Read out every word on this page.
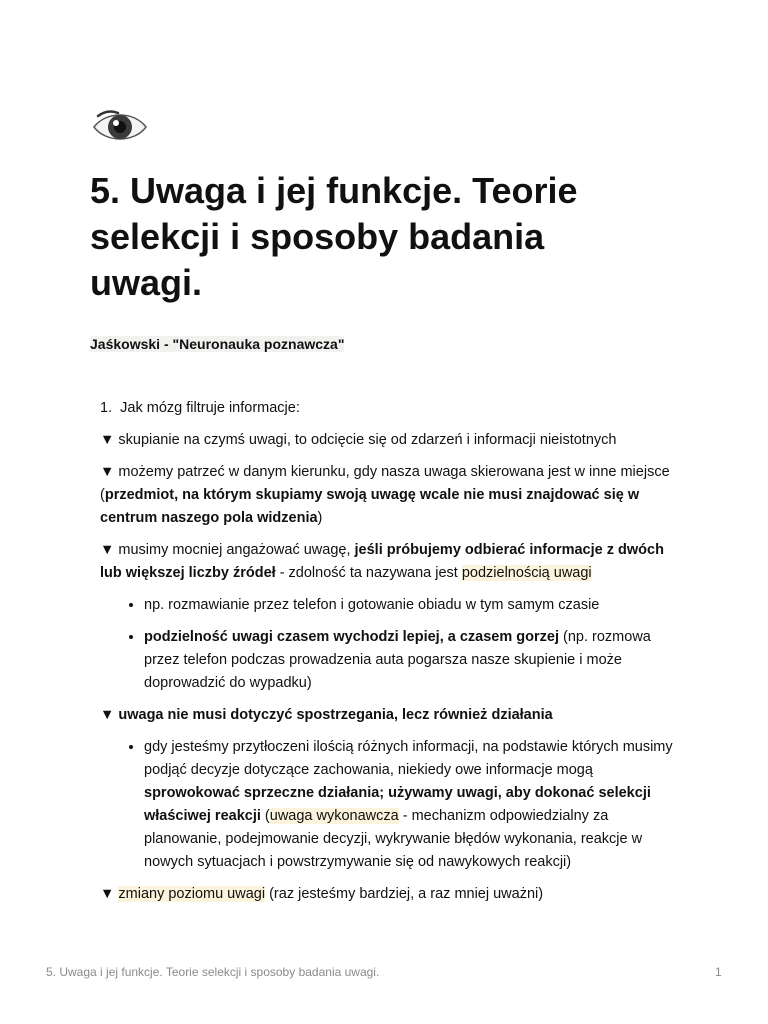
5. Uwaga i jej funkcje. Teorie selekcji i sposoby badania uwagi.

Jaśkowski - "Neuronauka poznawcza"

1. Jak mózg filtruje informacje:

▼ skupianie na czymś uwagi, to odcięcie się od zdarzeń i informacji nieistotnych

▼ możemy patrzeć w danym kierunku, gdy nasza uwaga skierowana jest w inne miejsce (przedmiot, na którym skupiamy swoją uwagę wcale nie musi znajdować się w centrum naszego pola widzenia)

▼ musimy mocniej angażować uwagę, jeśli próbujemy odbierać informacje z dwóch lub większej liczby źródeł - zdolność ta nazywana jest podzielnością uwagi

• np. rozmawianie przez telefon i gotowanie obiadu w tym samym czasie
• podzielność uwagi czasem wychodzi lepiej, a czasem gorzej (np. rozmowa przez telefon podczas prowadzenia auta pogarsza nasze skupienie i może doprowadzić do wypadku)

▼ uwaga nie musi dotyczyć spostrzegania, lecz również działania

• gdy jesteśmy przytłoczeni ilością różnych informacji, na podstawie których musimy podjąć decyzje dotyczące zachowania, niekiedy owe informacje mogą sprowokować sprzeczne działania; używamy uwagi, aby dokonać selekcji właściwej reakcji (uwaga wykonawcza - mechanizm odpowiedzialny za planowanie, podejmowanie decyzji, wykrywanie błędów wykonania, reakcje w nowych sytuacjach i powstrzymywanie się od nawykowych reakcji)

▼ zmiany poziomu uwagi (raz jesteśmy bardziej, a raz mniej uważni)

5. Uwaga i jej funkcje. Teorie selekcji i sposoby badania uwagi.	1
